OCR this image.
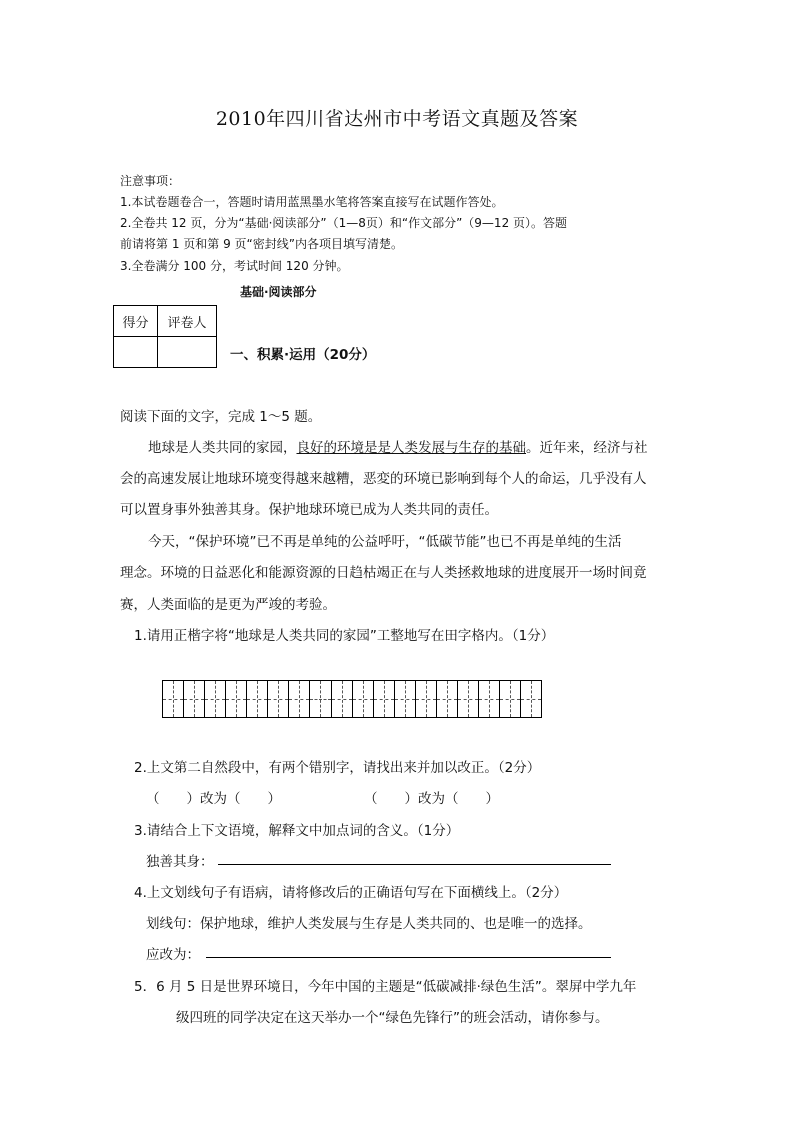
2010年四川省达州市中考语文真题及答案
注意事项：
1.本试卷题卷合一，答题时请用蓝黑墨水笔将答案直接写在试题作答处。
2.全卷共 12 页，分为“基础·阅读部分”（1—8页）和“作文部分”（9—12 页）。答题
前请将第 1 页和第 9 页“密封线”内各项目填写清楚。
3.全卷满分 100 分，考试时间 120 分钟。
基础·阅读部分
得分	评卷人

一、积累·运用（20分）
阅读下面的文字，完成 1～5 题。
地球是人类共同的家园，良好的环境是是人类发展与生存的基础。近年来，经济与社
会的高速发展让地球环境变得越来越糟，恶変的环境已影响到每个人的命运，几乎没有人
可以置身事外独善其身。保护地球环境已成为人类共同的责任。
今天，“保护环境”已不再是单纯的公益呼吁，“低碳节能”也已不再是单纯的生活
理念。环境的日益恶化和能源资源的日趋枯竭正在与人类拯救地球的进度展开一场时间竟
赛，人类面临的是更为严竣的考验。
1.请用正楷字将“地球是人类共同的家园”工整地写在田字格内。（1分）
2.上文第二自然段中，有两个错别字，请找出来并加以改正。（2分）
（　　）改为（　　）	（　　）改为（　　）
3.请结合上下文语境，解释文中加点词的含义。（1分）
独善其身：
4.上文划线句子有语病，请将修改后的正确语句写在下面横线上。（2分）
划线句：保护地球，维护人类发展与生存是人类共同的、也是唯一的选择。
应改为：
5．6 月 5 日是世界环境日，今年中国的主题是“低碳减排·绿色生活”。翠屏中学九年
级四班的同学决定在这天举办一个“绿色先锋行”的班会活动，请你参与。
